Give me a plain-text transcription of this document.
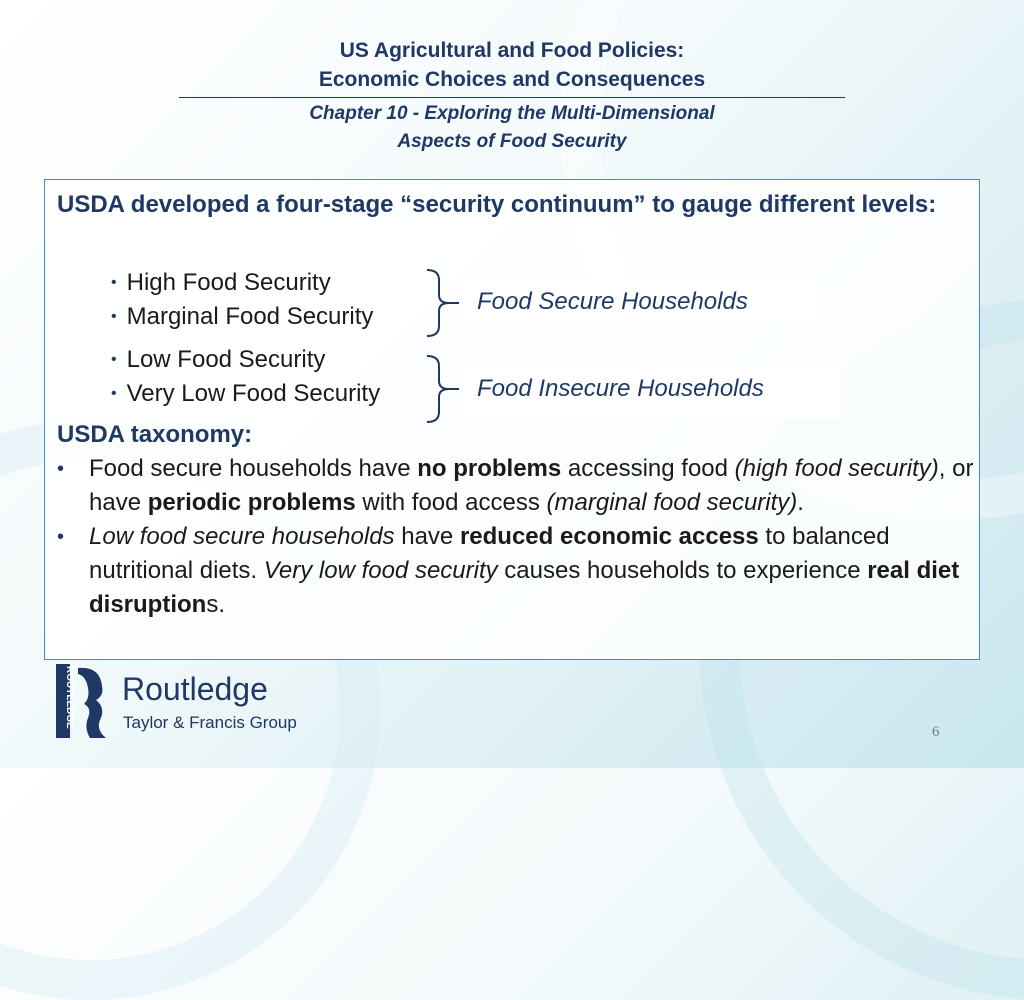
US Agricultural and Food Policies:
Economic Choices and Consequences
Chapter 10 - Exploring the Multi-Dimensional
Aspects of Food Security
USDA developed a four-stage “security continuum” to gauge different levels:
• High Food Security
• Marginal Food Security
• Low Food Security
• Very Low Food Security
Food Secure Households
Food Insecure Households
USDA taxonomy:
• Food secure households have no problems accessing food (high food security), or have periodic problems with food access (marginal food security).
• Low food secure households have reduced economic access to balanced nutritional diets. Very low food security causes households to experience real diet disruptions.
ROUTLEDGE Routledge
Taylor & Francis Group	6
